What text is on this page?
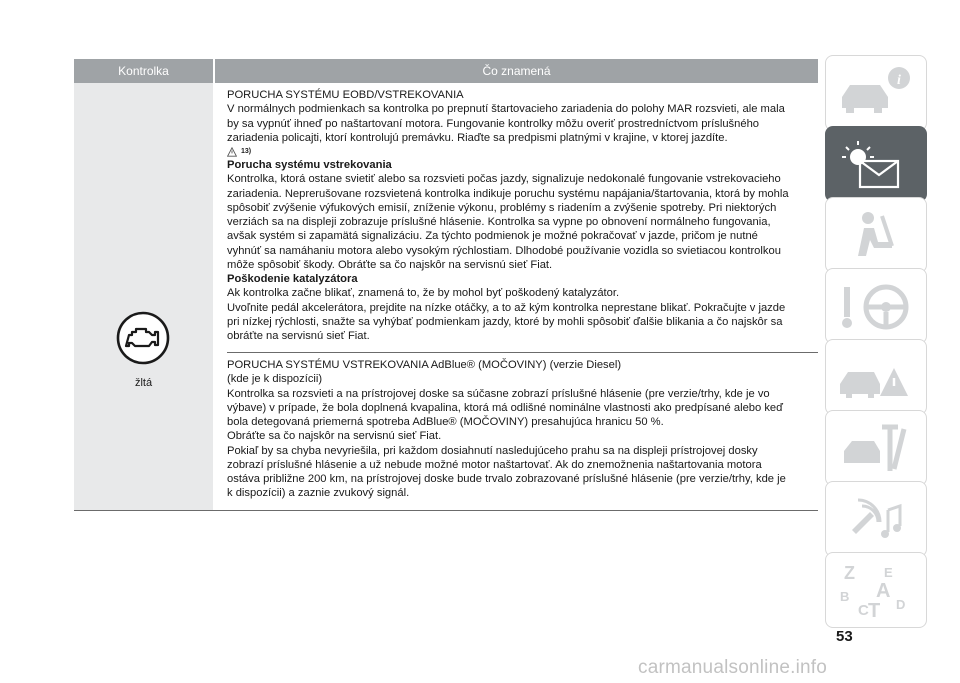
Kontrolka	Čo znamená
žltá

PORUCHA SYSTÉMU EOBD/VSTREKOVANIA

V normálnych podmienkach sa kontrolka po prepnutí štartovacieho zariadenia do polohy MAR rozsvieti, ale mala

by sa vypnúť ihneď po naštartovaní motora. Fungovanie kontrolky môžu overiť prostredníctvom príslušného

zariadenia policajti, ktorí kontrolujú premávku. Riaďte sa predpismi platnými v krajine, v ktorej jazdíte.

13)

Porucha systému vstrekovania

Kontrolka, ktorá ostane svietiť alebo sa rozsvieti počas jazdy, signalizuje nedokonalé fungovanie vstrekovacieho

zariadenia. Neprerušovane rozsvietená kontrolka indikuje poruchu systému napájania/štartovania, ktorá by mohla

spôsobiť zvýšenie výfukových emisií, zníženie výkonu, problémy s riadením a zvýšenie spotreby. Pri niektorých

verziách sa na displeji zobrazuje príslušné hlásenie. Kontrolka sa vypne po obnovení normálneho fungovania,

avšak systém si zapamätá signalizáciu. Za týchto podmienok je možné pokračovať v jazde, pričom je nutné

vyhnúť sa namáhaniu motora alebo vysokým rýchlostiam. Dlhodobé používanie vozidla so svietiacou kontrolkou

môže spôsobiť škody. Obráťte sa čo najskôr na servisnú sieť Fiat.

Poškodenie katalyzátora

Ak kontrolka začne blikať, znamená to, že by mohol byť poškodený katalyzátor.

Uvoľnite pedál akcelerátora, prejdite na nízke otáčky, a to až kým kontrolka neprestane blikať. Pokračujte v jazde

pri nízkej rýchlosti, snažte sa vyhýbať podmienkam jazdy, ktoré by mohli spôsobiť ďalšie blikania a čo najskôr sa

obráťte na servisnú sieť Fiat.

PORUCHA SYSTÉMU VSTREKOVANIA AdBlue® (MOČOVINY) (verzie Diesel)

(kde je k dispozícii)

Kontrolka sa rozsvieti a na prístrojovej doske sa súčasne zobrazí príslušné hlásenie (pre verzie/trhy, kde je vo

výbave) v prípade, že bola doplnená kvapalina, ktorá má odlišné nominálne vlastnosti ako predpísané alebo keď

bola detegovaná priemerná spotreba AdBlue® (MOČOVINY) presahujúca hranicu 50 %.

Obráťte sa čo najskôr na servisnú sieť Fiat.

Pokiaľ by sa chyba nevyriešila, pri každom dosiahnutí nasledujúceho prahu sa na displeji prístrojovej dosky

zobrazí príslušné hlásenie a už nebude možné motor naštartovať. Ak do znemožnenia naštartovania motora

ostáva približne 200 km, na prístrojovej doske bude trvalo zobrazované príslušné hlásenie (pre verzie/trhy, kde je

k dispozícii) a zaznie zvukový signál.

i
Z E
A
B
C T D
53
carmanualsonline.info
